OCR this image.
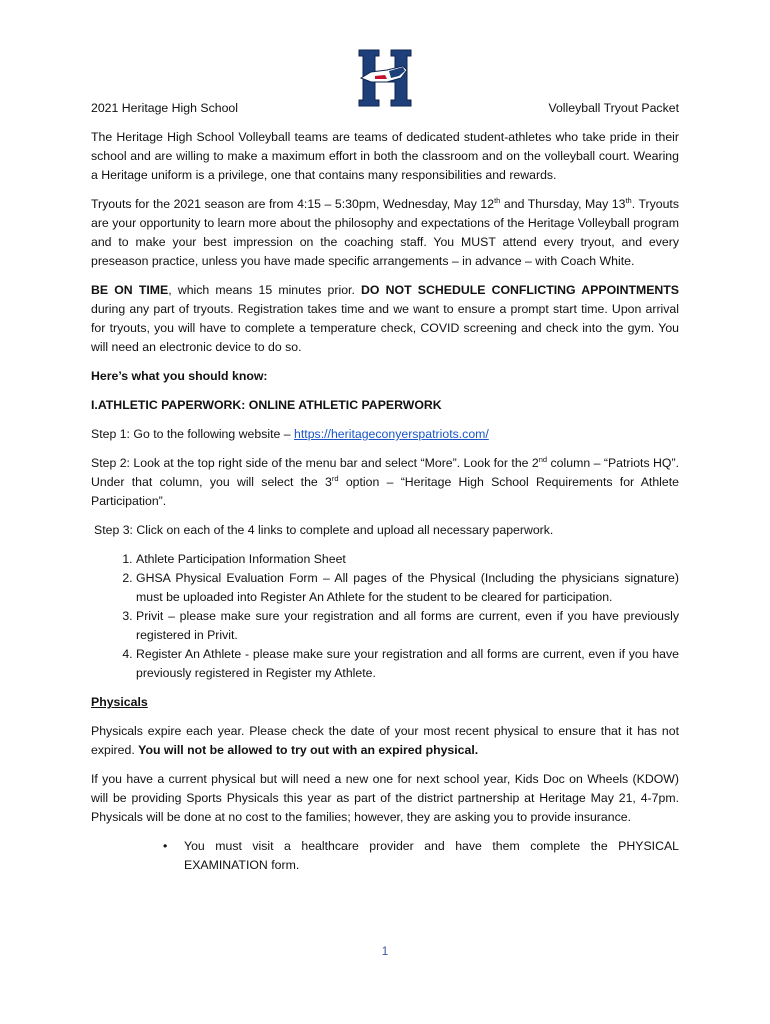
2021 Heritage High School	Volleyball Tryout Packet

The Heritage High School Volleyball teams are teams of dedicated student-athletes who take pride in their school and are willing to make a maximum effort in both the classroom and on the volleyball court. Wearing a Heritage uniform is a privilege, one that contains many responsibilities and rewards.

Tryouts for the 2021 season are from 4:15 – 5:30pm, Wednesday, May 12th and Thursday, May 13th. Tryouts are your opportunity to learn more about the philosophy and expectations of the Heritage Volleyball program and to make your best impression on the coaching staff. You MUST attend every tryout, and every preseason practice, unless you have made specific arrangements – in advance – with Coach White.

BE ON TIME, which means 15 minutes prior. DO NOT SCHEDULE CONFLICTING APPOINTMENTS during any part of tryouts. Registration takes time and we want to ensure a prompt start time. Upon arrival for tryouts, you will have to complete a temperature check, COVID screening and check into the gym. You will need an electronic device to do so.

Here’s what you should know:

I.ATHLETIC PAPERWORK: ONLINE ATHLETIC PAPERWORK

Step 1: Go to the following website – https://heritageconyerspatriots.com/

Step 2: Look at the top right side of the menu bar and select “More”. Look for the 2nd column – “Patriots HQ”. Under that column, you will select the 3rd option – “Heritage High School Requirements for Athlete Participation”.

Step 3: Click on each of the 4 links to complete and upload all necessary paperwork.

1. Athlete Participation Information Sheet
2. GHSA Physical Evaluation Form – All pages of the Physical (Including the physicians signature) must be uploaded into Register An Athlete for the student to be cleared for participation.
3. Privit – please make sure your registration and all forms are current, even if you have previously registered in Privit.
4. Register An Athlete - please make sure your registration and all forms are current, even if you have previously registered in Register my Athlete.

Physicals

Physicals expire each year. Please check the date of your most recent physical to ensure that it has not expired. You will not be allowed to try out with an expired physical.

If you have a current physical but will need a new one for next school year, Kids Doc on Wheels (KDOW) will be providing Sports Physicals this year as part of the district partnership at Heritage May 21, 4-7pm. Physicals will be done at no cost to the families; however, they are asking you to provide insurance.

• You must visit a healthcare provider and have them complete the PHYSICAL EXAMINATION form.
1
